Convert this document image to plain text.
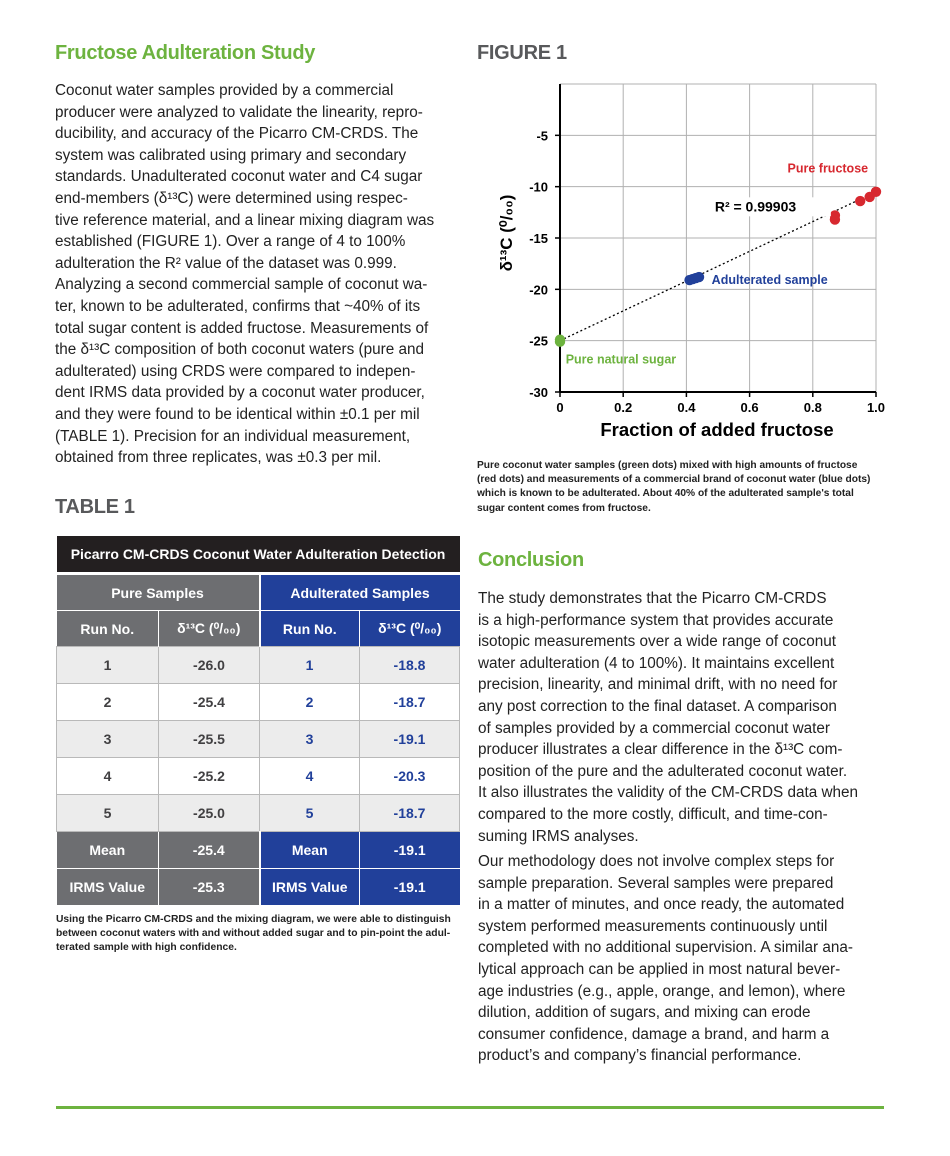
Fructose Adulteration Study
Coconut water samples provided by a commercial
producer were analyzed to validate the linearity, repro-
ducibility, and accuracy of the Picarro CM-CRDS. The
system was calibrated using primary and secondary
standards. Unadulterated coconut water and C4 sugar
end-members (δ¹³C) were determined using respec-
tive reference material, and a linear mixing diagram was
established (FIGURE 1). Over a range of 4 to 100%
adulteration the R² value of the dataset was 0.999.
Analyzing a second commercial sample of coconut wa-
ter, known to be adulterated, confirms that ~40% of its
total sugar content is added fructose. Measurements of
the δ¹³C composition of both coconut waters (pure and
adulterated) using CRDS were compared to indepen-
dent IRMS data provided by a coconut water producer,
and they were found to be identical within ±0.1 per mil
(TABLE 1). Precision for an individual measurement,
obtained from three replicates, was ±0.3 per mil.
TABLE 1
Picarro CM-CRDS Coconut Water Adulteration Detection			
Pure Samples		Adulterated Samples	
Run No.	δ¹³C (⁰/₀₀)	Run No.	δ¹³C (⁰/₀₀)
1	-26.0	1	-18.8
2	-25.4	2	-18.7
3	-25.5	3	-19.1
4	-25.2	4	-20.3
5	-25.0	5	-18.7
Mean	-25.4	Mean	-19.1
IRMS Value	-25.3	IRMS Value	-19.1
Using the Picarro CM-CRDS and the mixing diagram, we were able to distinguish
between coconut waters with and without added sugar and to pin-point the adul-
terated sample with high confidence.
FIGURE 1
0	0.2	0.4	0.6	0.8	1.0
-5
-10
-15
-20
-25
-30
Fraction of added fructose
δ¹³C (⁰/₀₀)	R² = 0.99903
Pure fructose
Adulterated sample
Pure natural sugar
Pure coconut water samples (green dots) mixed with high amounts of fructose
(red dots) and measurements of a commercial brand of coconut water (blue dots)
which is known to be adulterated. About 40% of the adulterated sample's total
sugar content comes from fructose.
Conclusion
The study demonstrates that the Picarro CM-CRDS
is a high-performance system that provides accurate
isotopic measurements over a wide range of coconut
water adulteration (4 to 100%). It maintains excellent
precision, linearity, and minimal drift, with no need for
any post correction to the final dataset. A comparison
of samples provided by a commercial coconut water
producer illustrates a clear difference in the δ¹³C com-
position of the pure and the adulterated coconut water.
It also illustrates the validity of the CM-CRDS data when
compared to the more costly, difficult, and time-con-
suming IRMS analyses.
Our methodology does not involve complex steps for
sample preparation. Several samples were prepared
in a matter of minutes, and once ready, the automated
system performed measurements continuously until
completed with no additional supervision. A similar ana-
lytical approach can be applied in most natural bever-
age industries (e.g., apple, orange, and lemon), where
dilution, addition of sugars, and mixing can erode
consumer confidence, damage a brand, and harm a
product’s and company’s financial performance.
